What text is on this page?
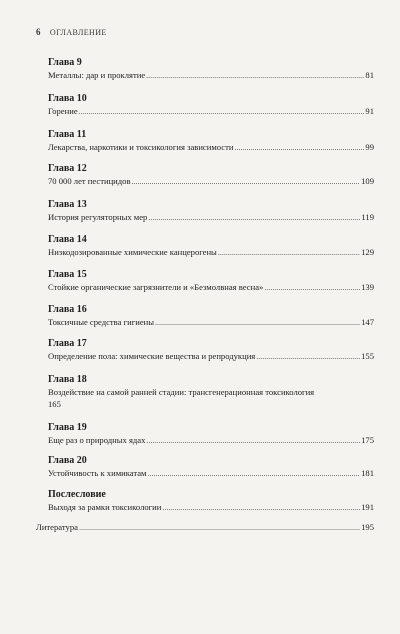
6 ОГЛАВЛЕНИЕ
Глава 9
Металлы: дар и проклятие .....	81
Глава 10
Горение .....	91
Глава 11
Лекарства, наркотики и токсикология зависимости .....	99
Глава 12
70 000 лет пестицидов .....	109
Глава 13
История регуляторных мер .....	119
Глава 14
Низкодозированные химические канцерогены .....	129
Глава 15
Стойкие органические загрязнители и «Безмолвная весна» .....	139
Глава 16
Токсичные средства гигиены .....	147
Глава 17
Определение пола: химические вещества и репродукция .....	155
Глава 18
Воздействие на самой ранней стадии: трансгенерационная токсикология
165
Глава 19
Еще раз о природных ядах .....	175
Глава 20
Устойчивость к химикатам .....	181
Послесловие
Выходя за рамки токсикологии .....	191
Литература .....	195
